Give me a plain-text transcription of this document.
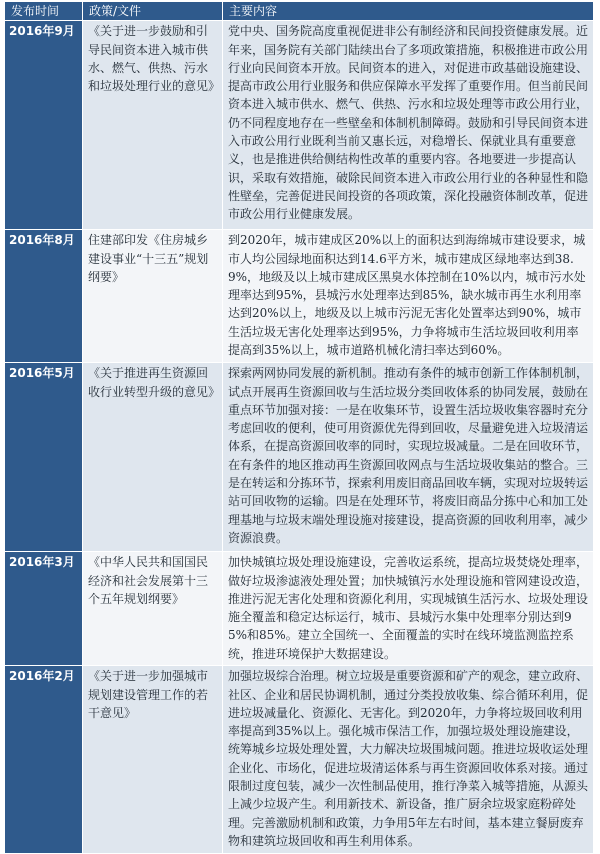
发布时间	政策/文件	主要内容
2016年9月	《关于进一步鼓励和引导民间资本进入城市供水、燃气、供热、污水和垃圾处理行业的意见》	党中央、国务院高度重视促进非公有制经济和民间投资健康发展。近年来，国务院有关部门陆续出台了多项政策措施，积极推进市政公用行业向民间资本开放。民间资本的进入，对促进市政基础设施建设、提高市政公用行业服务和供应保障水平发挥了重要作用。但当前民间资本进入城市供水、燃气、供热、污水和垃圾处理等市政公用行业，仍不同程度地存在一些壁垒和体制机制障碍。鼓励和引导民间资本进入市政公用行业既利当前又惠长远，对稳增长、保就业具有重要意义，也是推进供给侧结构性改革的重要内容。各地要进一步提高认识，采取有效措施，破除民间资本进入市政公用行业的各种显性和隐性壁垒，完善促进民间投资的各项政策，深化投融资体制改革，促进市政公用行业健康发展。
2016年8月	住建部印发《住房城乡建设事业“十三五”规划纲要》	到2020年，城市建成区20%以上的面积达到海绵城市建设要求，城市人均公园绿地面积达到14.6平方米，城市建成区绿地率达到38.9%，地级及以上城市建成区黑臭水体控制在10%以内，城市污水处理率达到95%，县城污水处理率达到85%，缺水城市再生水利用率达到20%以上，地级及以上城市污泥无害化处置率达到90%，城市生活垃圾无害化处理率达到95%，力争将城市生活垃圾回收利用率提高到35%以上，城市道路机械化清扫率达到60%。
2016年5月	《关于推进再生资源回收行业转型升级的意见》	探索两网协同发展的新机制。推动有条件的城市创新工作体制机制，试点开展再生资源回收与生活垃圾分类回收体系的协同发展，鼓励在重点环节加强对接：一是在收集环节，设置生活垃圾收集容器时充分考虑回收的便利，使可用资源优先得到回收，尽量避免进入垃圾清运体系，在提高资源回收率的同时，实现垃圾减量。二是在回收环节，在有条件的地区推动再生资源回收网点与生活垃圾收集站的整合。三是在转运和分拣环节，探索利用废旧商品回收车辆，实现对垃圾转运站可回收物的运输。四是在处理环节，将废旧商品分拣中心和加工处理基地与垃圾末端处理设施对接建设，提高资源的回收利用率，减少资源浪费。
2016年3月	《中华人民共和国国民经济和社会发展第十三个五年规划纲要》	加快城镇垃圾处理设施建设，完善收运系统，提高垃圾焚烧处理率，做好垃圾渗滤液处理处置；加快城镇污水处理设施和管网建设改造，推进污泥无害化处理和资源化利用，实现城镇生活污水、垃圾处理设施全覆盖和稳定达标运行，城市、县城污水集中处理率分别达到95%和85%。建立全国统一、全面覆盖的实时在线环境监测监控系统，推进环境保护大数据建设。
2016年2月	《关于进一步加强城市规划建设管理工作的若干意见》	加强垃圾综合治理。树立垃圾是重要资源和矿产的观念，建立政府、社区、企业和居民协调机制，通过分类投放收集、综合循环利用，促进垃圾减量化、资源化、无害化。到2020年，力争将垃圾回收利用率提高到35%以上。强化城市保洁工作，加强垃圾处理设施建设，统筹城乡垃圾处理处置，大力解决垃圾围城问题。推进垃圾收运处理企业化、市场化，促进垃圾清运体系与再生资源回收体系对接。通过限制过度包装，减少一次性制品使用，推行净菜入城等措施，从源头上减少垃圾产生。利用新技术、新设备，推广厨余垃圾家庭粉碎处理。完善激励机制和政策，力争用5年左右时间，基本建立餐厨废弃物和建筑垃圾回收和再生利用体系。
